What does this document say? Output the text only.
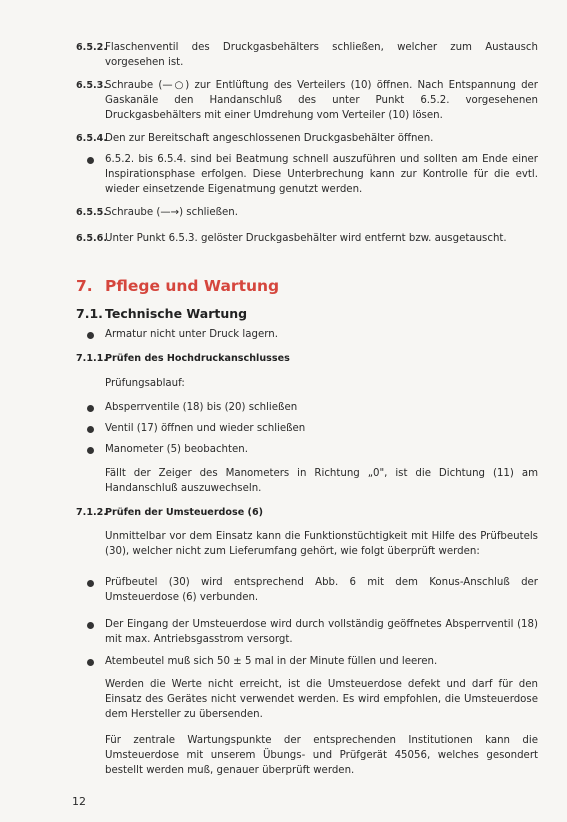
6.5.2.
Flaschenventil des Druckgasbehälters schließen, welcher zum Austausch vorgesehen ist.
6.5.3.
Schraube (—○) zur Entlüftung des Verteilers (10) öffnen. Nach Entspannung der Gaskanäle den Handanschluß des unter Punkt 6.5.2. vorgesehenen Druckgasbehälters mit einer Umdrehung vom Verteiler (10) lösen.
6.5.4.
Den zur Bereitschaft angeschlossenen Druckgasbehälter öffnen.
6.5.2. bis 6.5.4. sind bei Beatmung schnell auszuführen und sollten am Ende einer Inspirationsphase erfolgen. Diese Unterbrechung kann zur Kontrolle für die evtl. wieder einsetzende Eigenatmung genutzt werden.
6.5.5.
Schraube (—→) schließen.
6.5.6.
Unter Punkt 6.5.3. gelöster Druckgasbehälter wird entfernt bzw. ausgetauscht.
7. Pflege und Wartung
7.1. Technische Wartung
Armatur nicht unter Druck lagern.
7.1.1.
Prüfen des Hochdruckanschlusses
Prüfungsablauf:
Absperrventile (18) bis (20) schließen
Ventil (17) öffnen und wieder schließen
Manometer (5) beobachten.
Fällt der Zeiger des Manometers in Richtung „0", ist die Dichtung (11) am Handanschluß auszuwechseln.
7.1.2.
Prüfen der Umsteuerdose (6)
Unmittelbar vor dem Einsatz kann die Funktionstüchtigkeit mit Hilfe des Prüfbeutels (30), welcher nicht zum Lieferumfang gehört, wie folgt überprüft werden:
Prüfbeutel (30) wird entsprechend Abb. 6 mit dem Konus-Anschluß der Umsteuerdose (6) verbunden.
Der Eingang der Umsteuerdose wird durch vollständig geöffnetes Absperrventil (18) mit max. Antriebsgasstrom versorgt.
Atembeutel muß sich 50 ± 5 mal in der Minute füllen und leeren.
Werden die Werte nicht erreicht, ist die Umsteuerdose defekt und darf für den Einsatz des Gerätes nicht verwendet werden. Es wird empfohlen, die Umsteuerdose dem Hersteller zu übersenden.
Für zentrale Wartungspunkte der entsprechenden Institutionen kann die Umsteuerdose mit unserem Übungs- und Prüfgerät 45056, welches gesondert bestellt werden muß, genauer überprüft werden.
12
